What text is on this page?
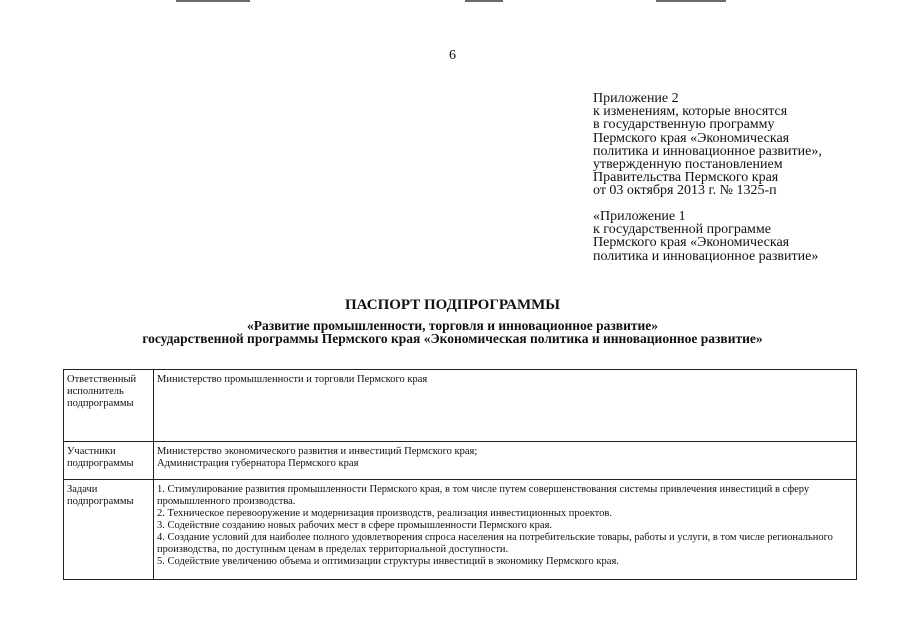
6
Приложение 2
к изменениям, которые вносятся
в государственную программу
Пермского края «Экономическая
политика и инновационное развитие»,
утвержденную постановлением
Правительства Пермского края
от 03 октября 2013 г. № 1325-п
«Приложение 1
к государственной программе
Пермского края «Экономическая
политика и инновационное развитие»
ПАСПОРТ ПОДПРОГРАММЫ
«Развитие промышленности, торговля и инновационное развитие»
государственной программы Пермского края «Экономическая политика и инновационное развитие»
Ответственный исполнитель подпрограммы	Министерство промышленности и торговли Пермского края

Участники подпрограммы	Министерство экономического развития и инвестиций Пермского края;
Администрация губернатора Пермского края

Задачи подпрограммы	1. Стимулирование развития промышленности Пермского края, в том числе путем совершенствования системы привлечения инвестиций в сферу промышленного производства.
2. Техническое перевооружение и модернизация производств, реализация инвестиционных проектов.
3. Содействие созданию новых рабочих мест в сфере промышленности Пермского края.
4. Создание условий для наиболее полного удовлетворения спроса населения на потребительские товары, работы и услуги, в том числе регионального производства, по доступным ценам в пределах территориальной доступности.
5. Содействие увеличению объема и оптимизации структуры инвестиций в экономику Пермского края.
